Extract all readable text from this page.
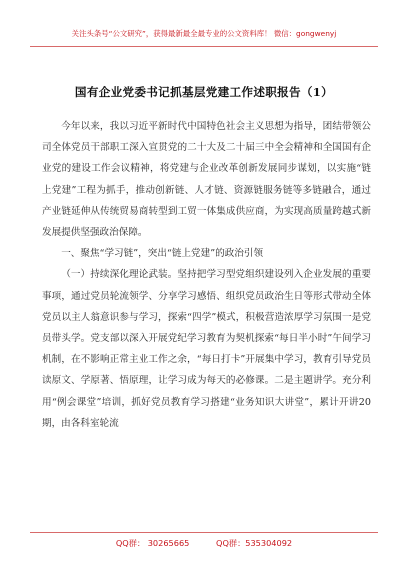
关注头条号“公文研究”，获得最新最全最专业的公文资料库！ 微信：gongwenyj
国有企业党委书记抓基层党建工作述职报告（1）

今年以来，我以习近平新时代中国特色社会主义思想为指导，团结带领公司全体党员干部职工深入宣贯党的二十大及二十届三中全会精神和全国国有企业党的建设工作会议精神，将党建与企业改革创新发展同步谋划，以实施“链上党建”工程为抓手，推动创新链、人才链、资源链服务链等多链融合，通过产业链延伸从传统贸易商转型到工贸一体集成供应商，为实现高质量跨越式新发展提供坚强政治保障。

一、聚焦“学习链”，突出“链上党建”的政治引领

（一）持续深化理论武装。坚持把学习型党组织建设列入企业发展的重要事项，通过党员轮流领学、分享学习感悟、组织党员政治生日等形式带动全体党员以主人翁意识参与学习，探索“四学”模式，积极营造浓厚学习氛围一是党员带头学。党支部以深入开展党纪学习教育为契机探索“每日半小时”午间学习机制，在不影响正常主业工作之余，“每日打卡”开展集中学习，教育引导党员读原文、学原著、悟原理，让学习成为每天的必修课。二是主题讲学。充分利用“例会课堂”培训，抓好党员教育学习搭建“业务知识大讲堂”，累计开讲20期，由各科室轮流

QQ群： 30265665	QQ群：535304092
